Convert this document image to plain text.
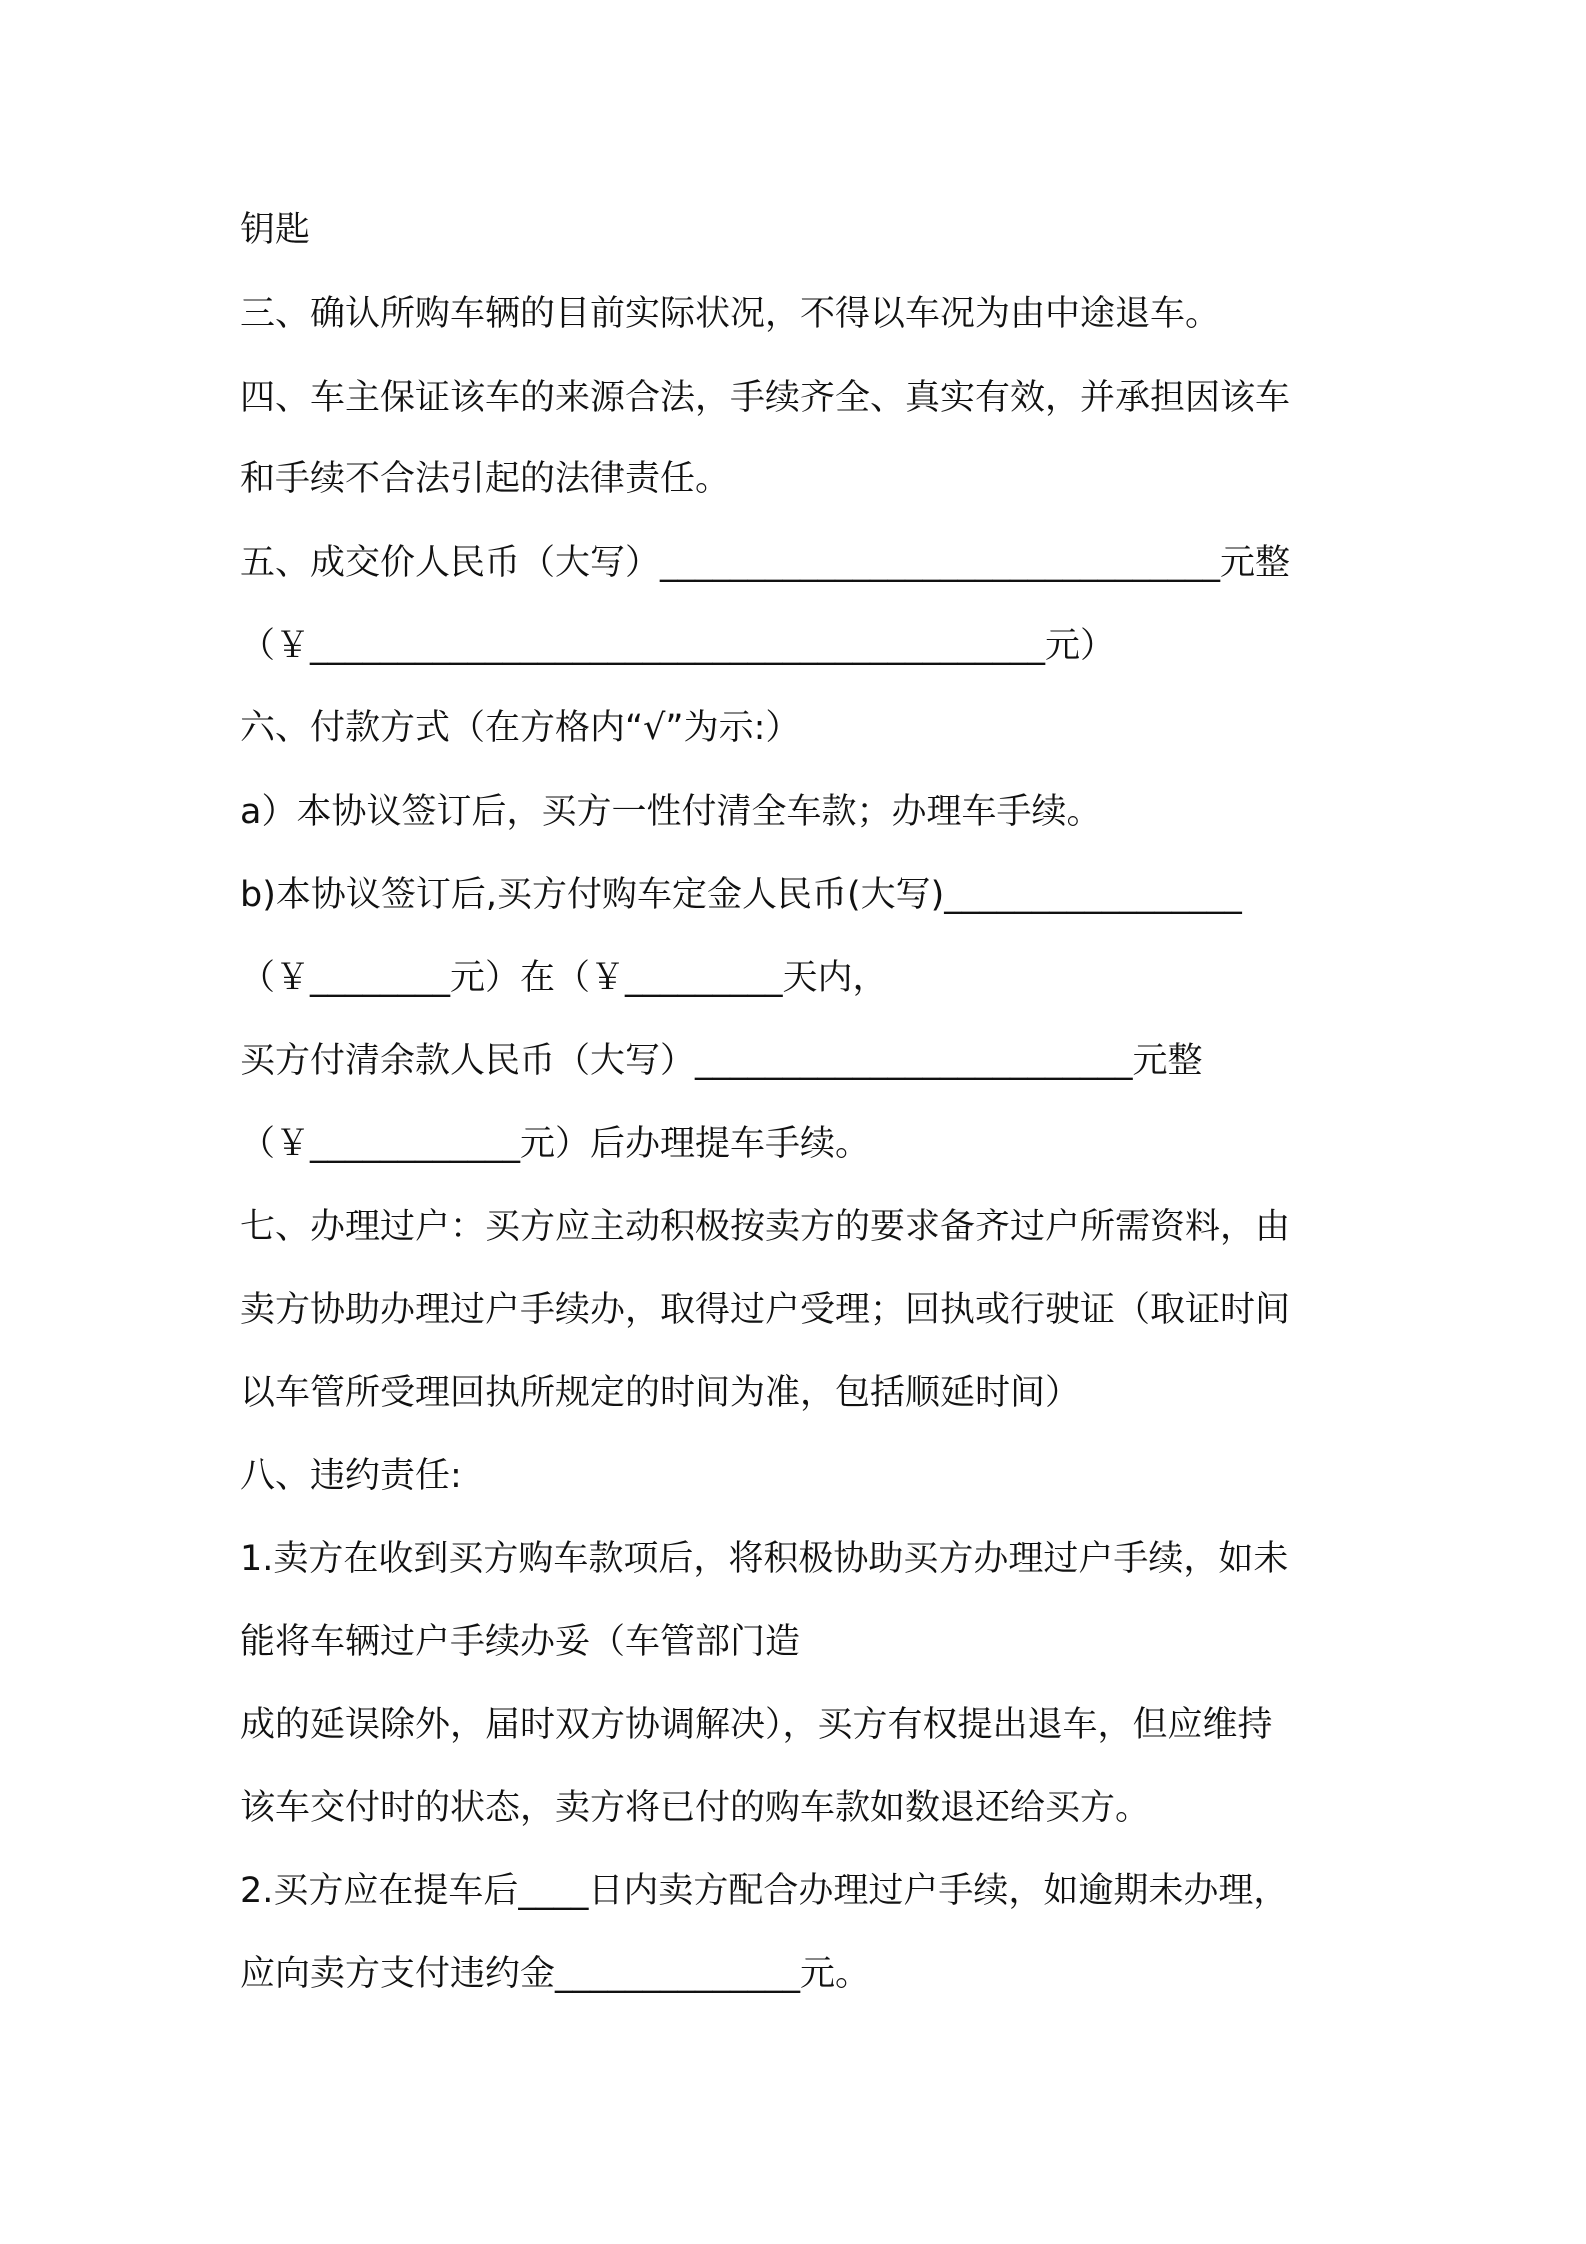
钥匙

三、确认所购车辆的目前实际状况，不得以车况为由中途退车。

四、车主保证该车的来源合法，手续齐全、真实有效，并承担因该车

和手续不合法引起的法律责任。

五、成交价人民币（大写）________________________________元整

（￥__________________________________________元）

六、付款方式（在方格内“√”为示:）

a）本协议签订后，买方一性付清全车款；办理车手续。

b)本协议签订后,买方付购车定金人民币(大写)_________________

（￥________元）在（￥_________天内，

买方付清余款人民币（大写）_________________________元整

（￥____________元）后办理提车手续。

七、办理过户：买方应主动积极按卖方的要求备齐过户所需资料，由

卖方协助办理过户手续办，取得过户受理；回执或行驶证（取证时间

以车管所受理回执所规定的时间为准，包括顺延时间）

八、违约责任:

1.卖方在收到买方购车款项后，将积极协助买方办理过户手续，如未

能将车辆过户手续办妥（车管部门造

成的延误除外，届时双方协调解决），买方有权提出退车，但应维持

该车交付时的状态，卖方将已付的购车款如数退还给买方。

2.买方应在提车后____日内卖方配合办理过户手续，如逾期未办理，

应向卖方支付违约金______________元。
